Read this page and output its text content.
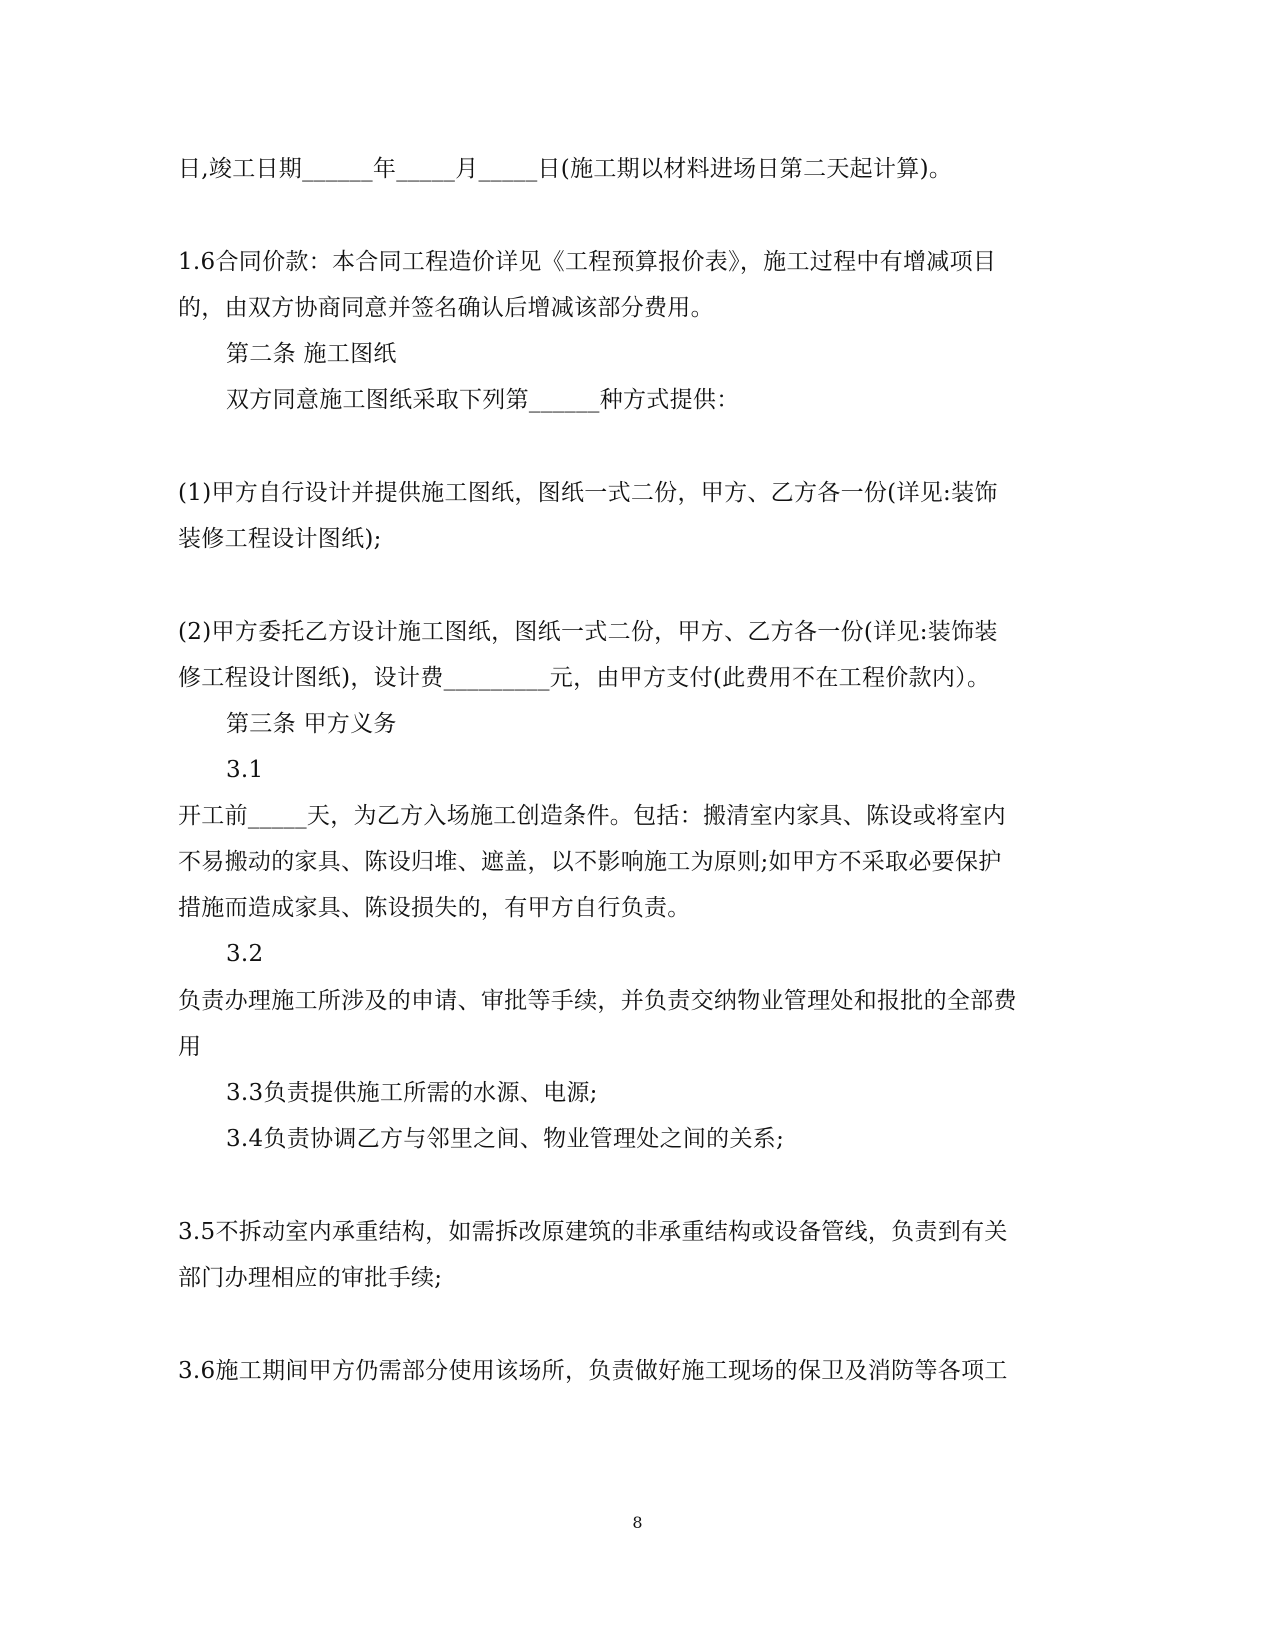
日,竣工日期______年_____月_____日(施工期以材料进场日第二天起计算)。
1.6合同价款：本合同工程造价详见《工程预算报价表》，施工过程中有增减项目
的，由双方协商同意并签名确认后增减该部分费用。
第二条 施工图纸
双方同意施工图纸采取下列第______种方式提供：
(1)甲方自行设计并提供施工图纸，图纸一式二份，甲方、乙方各一份(详见:装饰
装修工程设计图纸);
(2)甲方委托乙方设计施工图纸，图纸一式二份，甲方、乙方各一份(详见:装饰装
修工程设计图纸)，设计费_________元，由甲方支付(此费用不在工程价款内）。
第三条 甲方义务
3.1
开工前_____天，为乙方入场施工创造条件。包括：搬清室内家具、陈设或将室内
不易搬动的家具、陈设归堆、遮盖，以不影响施工为原则;如甲方不采取必要保护
措施而造成家具、陈设损失的，有甲方自行负责。
3.2
负责办理施工所涉及的申请、审批等手续，并负责交纳物业管理处和报批的全部费
用
3.3负责提供施工所需的水源、电源;
3.4负责协调乙方与邻里之间、物业管理处之间的关系;
3.5不拆动室内承重结构，如需拆改原建筑的非承重结构或设备管线，负责到有关
部门办理相应的审批手续;
3.6施工期间甲方仍需部分使用该场所，负责做好施工现场的保卫及消防等各项工
8
